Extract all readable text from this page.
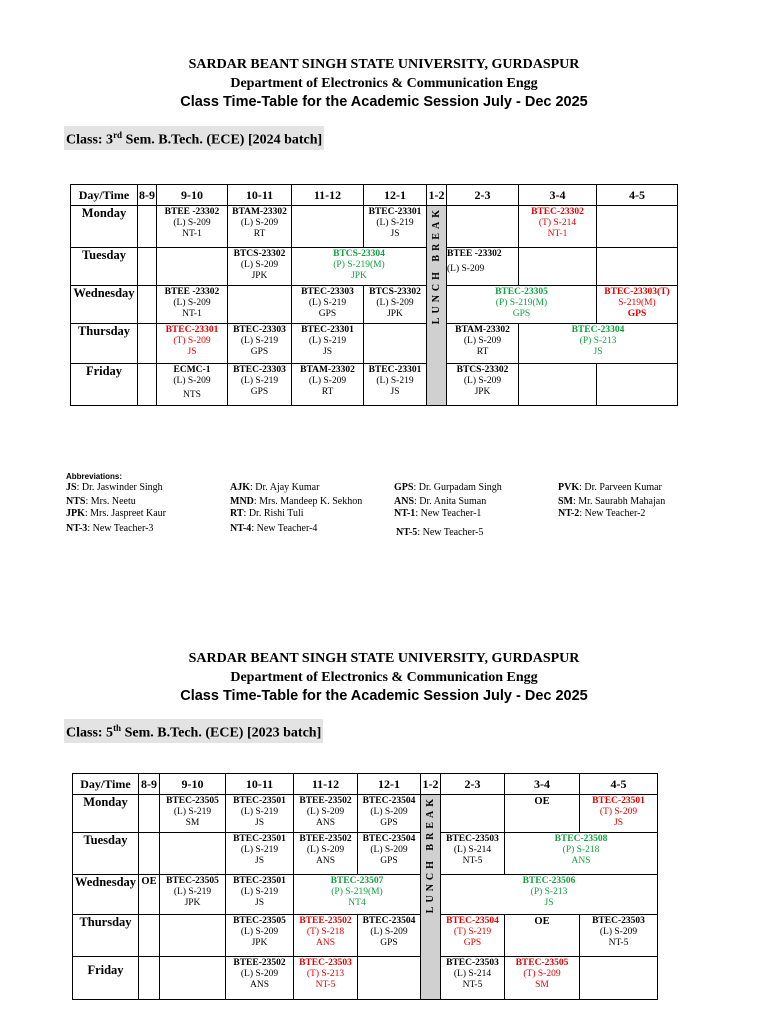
SARDAR BEANT SINGH STATE UNIVERSITY, GURDASPUR
Department of Electronics & Communication Engg
Class Time-Table for the Academic Session July - Dec 2025
Class: 3rd Sem. B.Tech. (ECE) [2024 batch]
Day/Time	8-9	9-10	10-11	11-12	12-1	1-2	2-3	3-4	4-5
Monday		BTEE -23302
(L) S-209
NT-1	BTAM-23302
(L) S-209
RT		BTEC-23301
(L) S-219
JS	LUNCH BREAK		BTEC-23302
(T) S-214
NT-1	

Tuesday			BTCS-23302
(L) S-209
JPK	BTCS-23304
(P) S-219(M)
JPK			BTEE -23302
(L) S-209		

Wednesday		BTEE -23302
(L) S-209
NT-1		BTEC-23303
(L) S-219
GPS	BTCS-23302
(L) S-209
JPK		BTEC-23305
(P) S-219(M)
GPS		BTEC-23303(T)
S-219(M)
GPS

Thursday		BTEC-23301
(T) S-209
JS	BTEC-23303
(L) S-219
GPS	BTEC-23301
(L) S-219
JS			BTAM-23302
(L) S-209
RT	BTEC-23304
(P) S-213
JS	

Friday		ECMC-1
(L) S-209
NTS	BTEC-23303
(L) S-219
GPS	BTAM-23302
(L) S-209
RT	BTEC-23301
(L) S-219
JS		BTCS-23302
(L) S-209
JPK		

Abbreviations:
JS: Dr. Jaswinder Singh	AJK: Dr. Ajay Kumar	GPS: Dr. Gurpadam Singh	PVK: Dr. Parveen Kumar
NTS: Mrs. Neetu	MND: Mrs. Mandeep K. Sekhon	ANS: Dr. Anita Suman	SM: Mr. Saurabh Mahajan
JPK: Mrs. Jaspreet Kaur	RT: Dr. Rishi Tuli	NT-1: New Teacher-1	NT-2: New Teacher-2
NT-3: New Teacher-3	NT-4: New Teacher-4	NT-5: New Teacher-5
SARDAR BEANT SINGH STATE UNIVERSITY, GURDASPUR
Department of Electronics & Communication Engg
Class Time-Table for the Academic Session July - Dec 2025
Class: 5th Sem. B.Tech. (ECE) [2023 batch]
Day/Time	8-9	9-10	10-11	11-12	12-1	1-2	2-3	3-4	4-5
Monday		BTEC-23505
(L) S-219
SM	BTEC-23501
(L) S-219
JS	BTEE-23502
(L) S-209
ANS	BTEC-23504
(L) S-209
GPS	LUNCH BREAK		OE	BTEC-23501
(T) S-209
JS

Tuesday			BTEC-23501
(L) S-219
JS	BTEE-23502
(L) S-209
ANS	BTEC-23504
(L) S-209
GPS		BTEC-23503
(L) S-214
NT-5	BTEC-23508
(P) S-218
ANS	

Wednesday	OE	BTEC-23505
(L) S-219
JPK	BTEC-23501
(L) S-219
JS	BTEC-23507
(P) S-219(M)
NT4			BTEC-23506
(P) S-213
JS		

Thursday			BTEC-23505
(L) S-209
JPK	BTEE-23502
(T) S-218
ANS	BTEC-23504
(L) S-209
GPS		BTEC-23504
(T) S-219
GPS	OE	BTEC-23503
(L) S-209
NT-5

Friday			BTEE-23502
(L) S-209
ANS	BTEC-23503
(T) S-213
NT-5			BTEC-23503
(L) S-214
NT-5	BTEC-23505
(T) S-209
SM	
